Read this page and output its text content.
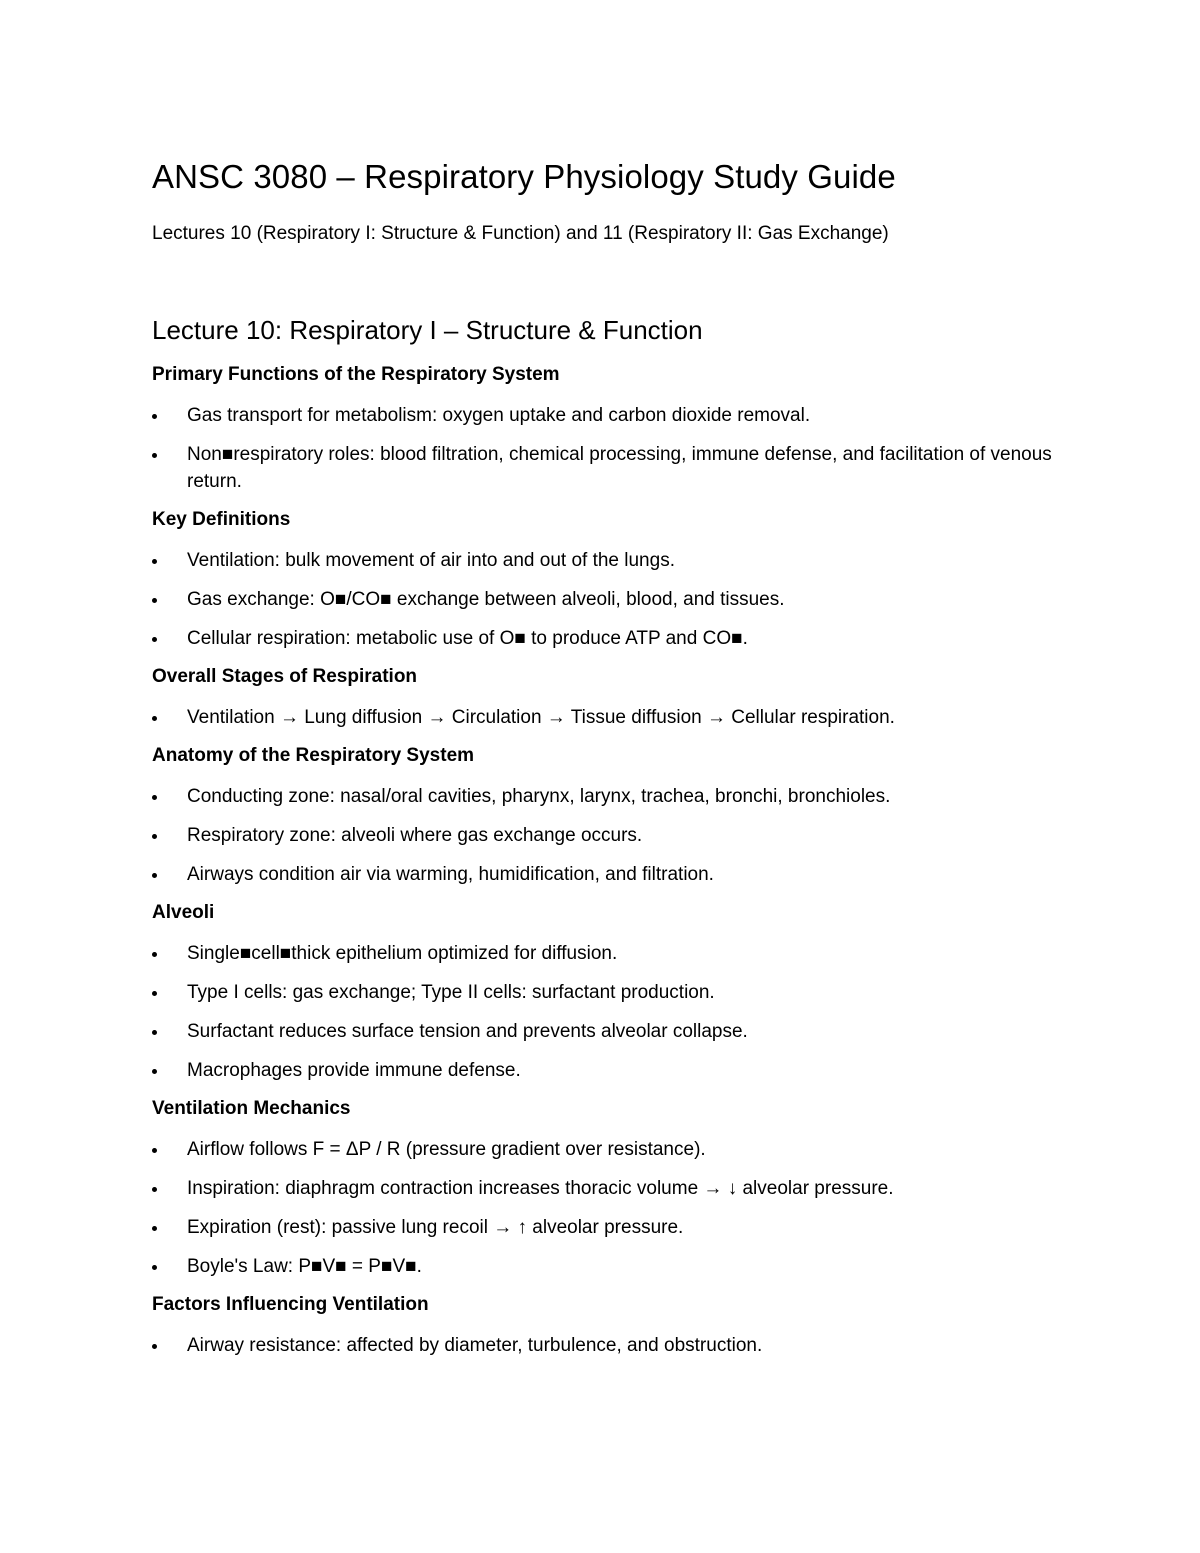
ANSC 3080 – Respiratory Physiology Study Guide

Lectures 10 (Respiratory I: Structure & Function) and 11 (Respiratory II: Gas Exchange)

Lecture 10: Respiratory I – Structure & Function
Primary Functions of the Respiratory System
Gas transport for metabolism: oxygen uptake and carbon dioxide removal.
Non■respiratory roles: blood filtration, chemical processing, immune defense, and facilitation of venous return.
Key Definitions
Ventilation: bulk movement of air into and out of the lungs.
Gas exchange: O■/CO■ exchange between alveoli, blood, and tissues.
Cellular respiration: metabolic use of O■ to produce ATP and CO■.
Overall Stages of Respiration
Ventilation → Lung diffusion → Circulation → Tissue diffusion → Cellular respiration.
Anatomy of the Respiratory System
Conducting zone: nasal/oral cavities, pharynx, larynx, trachea, bronchi, bronchioles.
Respiratory zone: alveoli where gas exchange occurs.
Airways condition air via warming, humidification, and filtration.
Alveoli
Single■cell■thick epithelium optimized for diffusion.
Type I cells: gas exchange; Type II cells: surfactant production.
Surfactant reduces surface tension and prevents alveolar collapse.
Macrophages provide immune defense.
Ventilation Mechanics
Airflow follows F = ΔP / R (pressure gradient over resistance).
Inspiration: diaphragm contraction increases thoracic volume → ↓ alveolar pressure.
Expiration (rest): passive lung recoil → ↑ alveolar pressure.
Boyle's Law: P■V■ = P■V■.
Factors Influencing Ventilation
Airway resistance: affected by diameter, turbulence, and obstruction.
